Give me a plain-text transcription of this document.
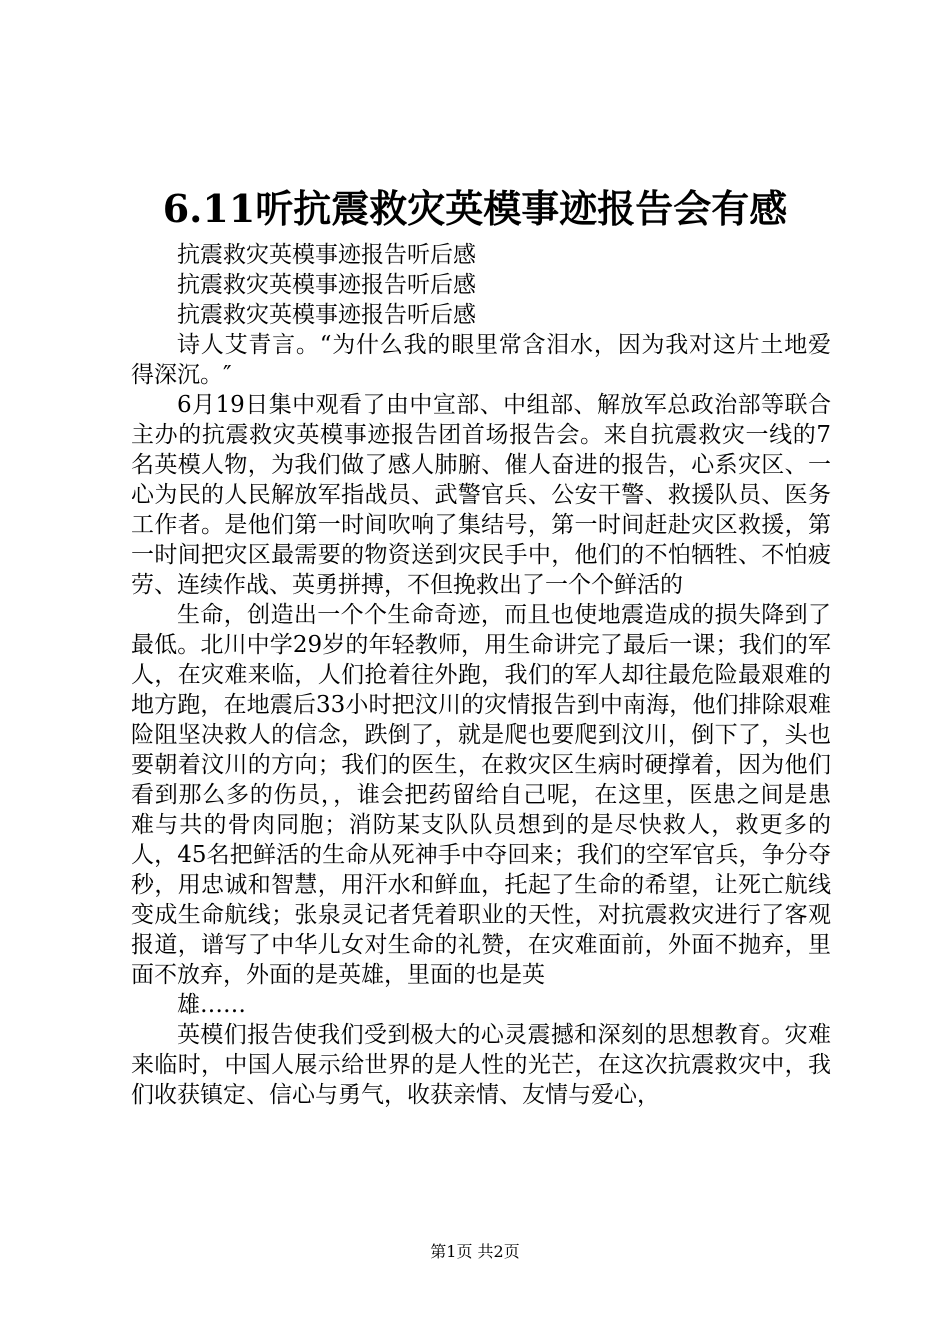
6.11听抗震救灾英模事迹报告会有感

抗震救灾英模事迹报告听后感

抗震救灾英模事迹报告听后感

抗震救灾英模事迹报告听后感

诗人艾青言。“为什么我的眼里常含泪水，因为我对这片土地爱得深沉。″

6月19日集中观看了由中宣部、中组部、解放军总政治部等联合主办的抗震救灾英模事迹报告团首场报告会。来自抗震救灾一线的7名英模人物，为我们做了感人肺腑、催人奋进的报告，心系灾区、一心为民的人民解放军指战员、武警官兵、公安干警、救援队员、医务工作者。是他们第一时间吹响了集结号，第一时间赶赴灾区救援，第一时间把灾区最需要的物资送到灾民手中，他们的不怕牺牲、不怕疲劳、连续作战、英勇拼搏，不但挽救出了一个个鲜活的

生命，创造出一个个生命奇迹，而且也使地震造成的损失降到了最低。北川中学29岁的年轻教师，用生命讲完了最后一课；我们的军人，在灾难来临，人们抢着往外跑，我们的军人却往最危险最艰难的地方跑，在地震后33小时把汶川的灾情报告到中南海，他们排除艰难险阻坚决救人的信念，跌倒了，就是爬也要爬到汶川，倒下了，头也要朝着汶川的方向；我们的医生，在救灾区生病时硬撑着，因为他们看到那么多的伤员，，谁会把药留给自己呢，在这里，医患之间是患难与共的骨肉同胞；消防某支队队员想到的是尽快救人，救更多的人，45名把鲜活的生命从死神手中夺回来；我们的空军官兵，争分夺秒，用忠诚和智慧，用汗水和鲜血，托起了生命的希望，让死亡航线变成生命航线；张泉灵记者凭着职业的天性，对抗震救灾进行了客观报道，谱写了中华儿女对生命的礼赞，在灾难面前，外面不抛弃，里面不放弃，外面的是英雄，里面的也是英

雄……

英模们报告使我们受到极大的心灵震撼和深刻的思想教育。灾难来临时，中国人展示给世界的是人性的光芒，在这次抗震救灾中，我们收获镇定、信心与勇气，收获亲情、友情与爱心，

第1页 共2页
